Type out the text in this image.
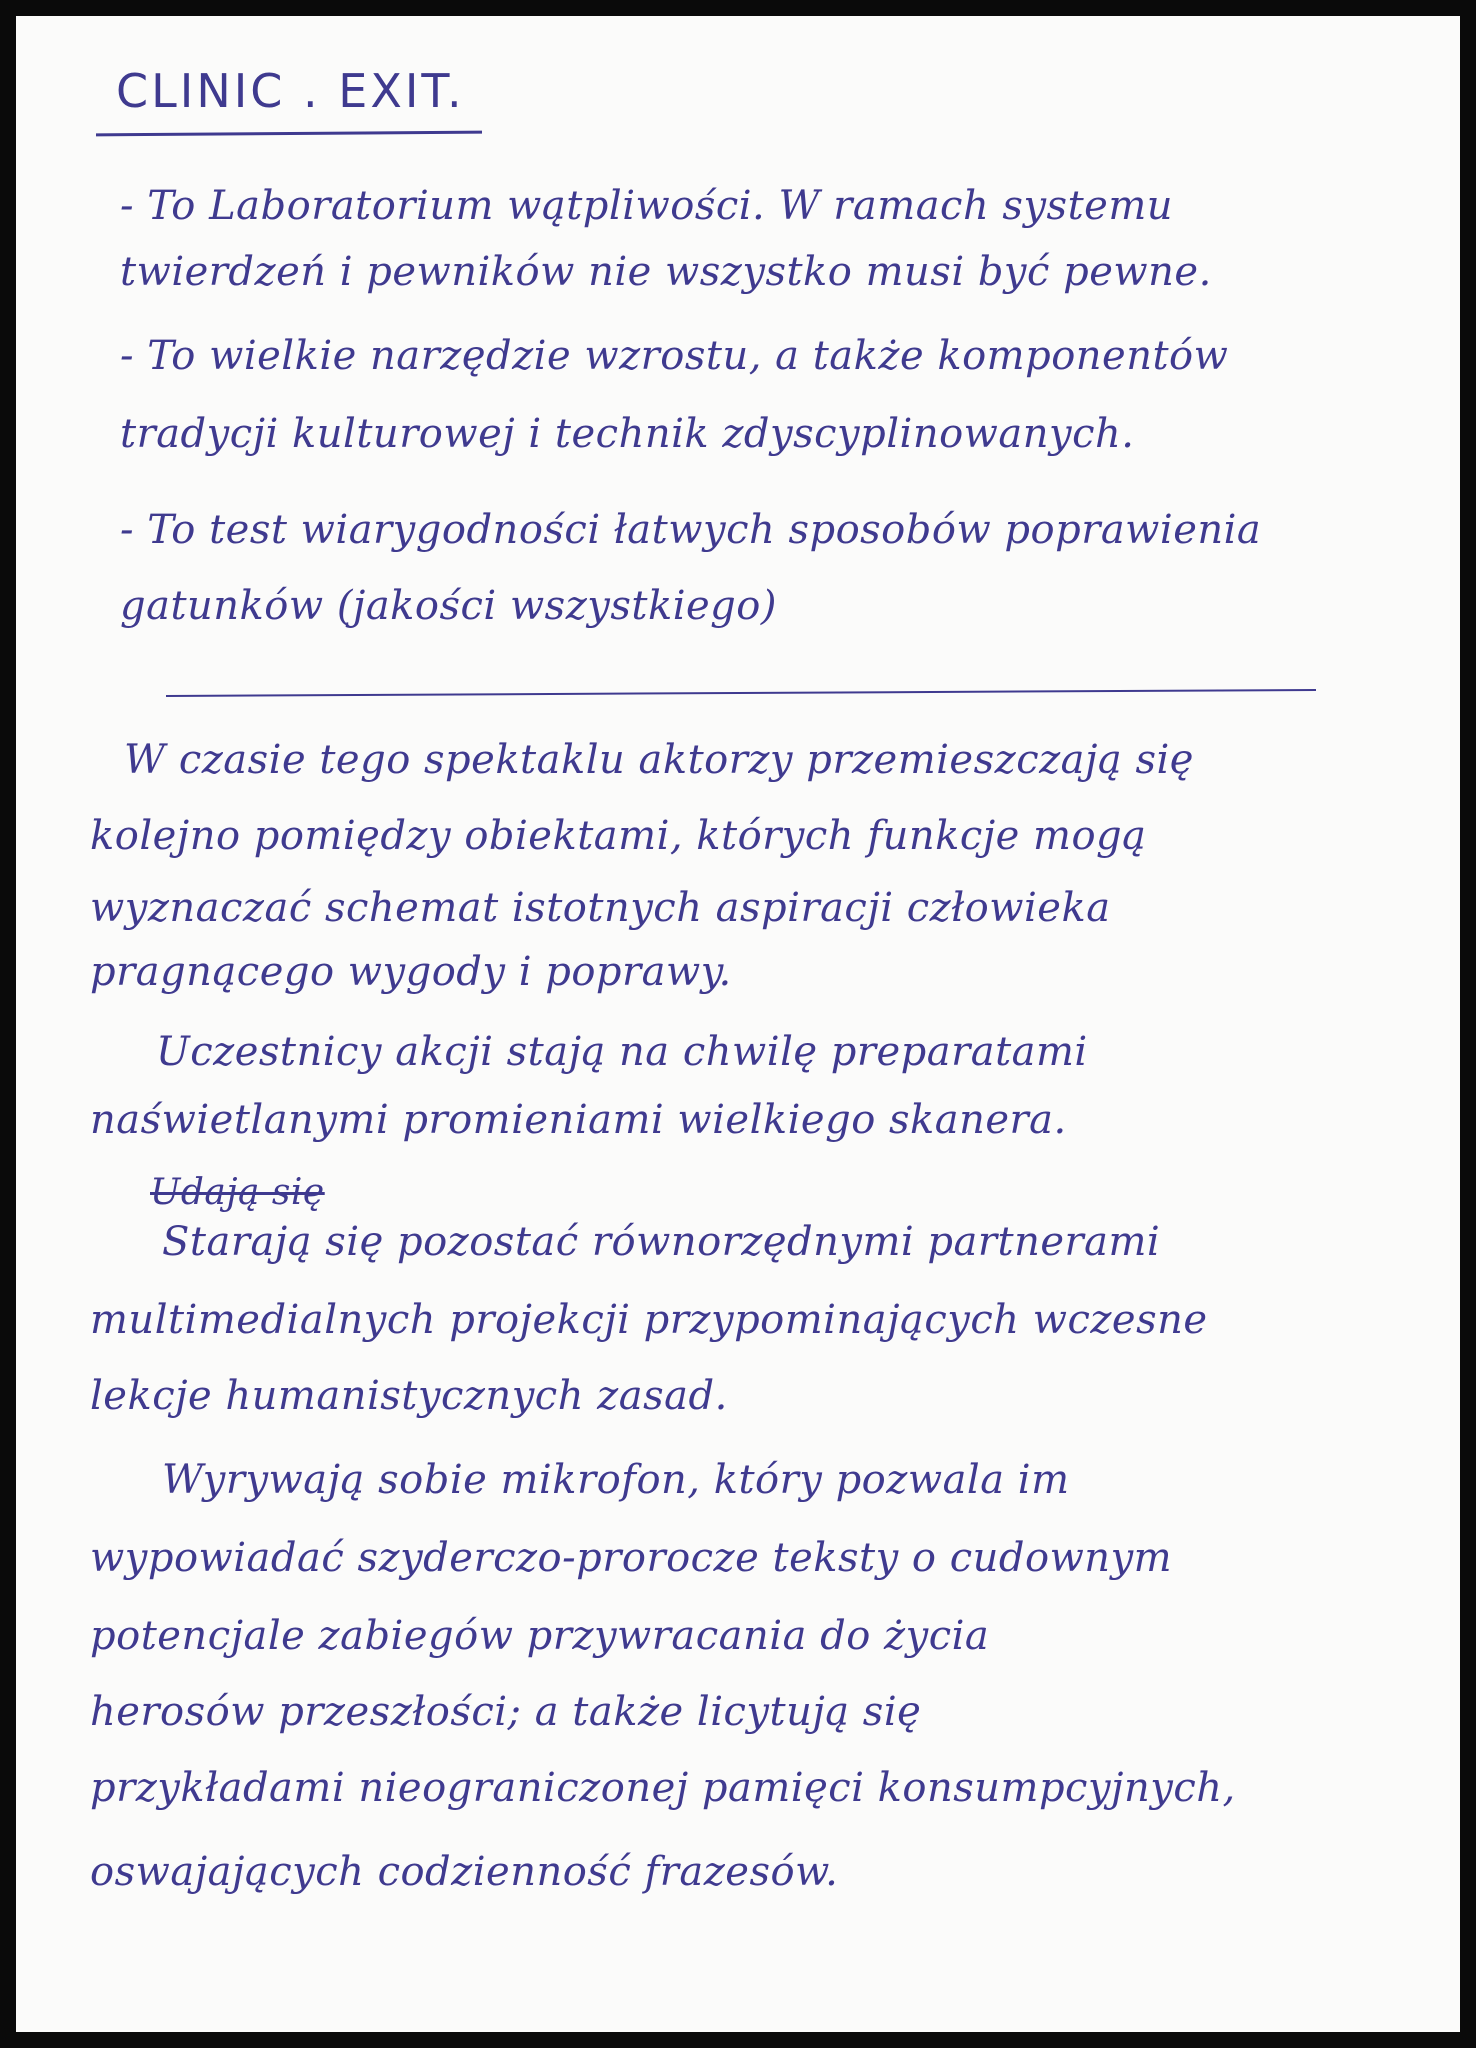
CLINIC . EXIT.
- To Laboratorium wątpliwości. W ramach systemu
twierdzeń i pewników nie wszystko musi być pewne.
- To wielkie narzędzie wzrostu, a także komponentów
tradycji kulturowej i technik zdyscyplinowanych.
- To test wiarygodności łatwych sposobów poprawienia
gatunków (jakości wszystkiego)
W czasie tego spektaklu aktorzy przemieszczają się
kolejno pomiędzy obiektami, których funkcje mogą
wyznaczać schemat istotnych aspiracji człowieka
pragnącego wygody i poprawy.
Uczestnicy akcji stają na chwilę preparatami
naświetlanymi promieniami wielkiego skanera.
Udają się
Starają się pozostać równorzędnymi partnerami
multimedialnych projekcji przypominających wczesne
lekcje humanistycznych zasad.
Wyrywają sobie mikrofon, który pozwala im
wypowiadać szyderczo-prorocze teksty o cudownym
potencjale zabiegów przywracania do życia
herosów przeszłości; a także licytują się
przykładami nieograniczonej pamięci konsumpcyjnych,
oswajających codzienność frazesów.
